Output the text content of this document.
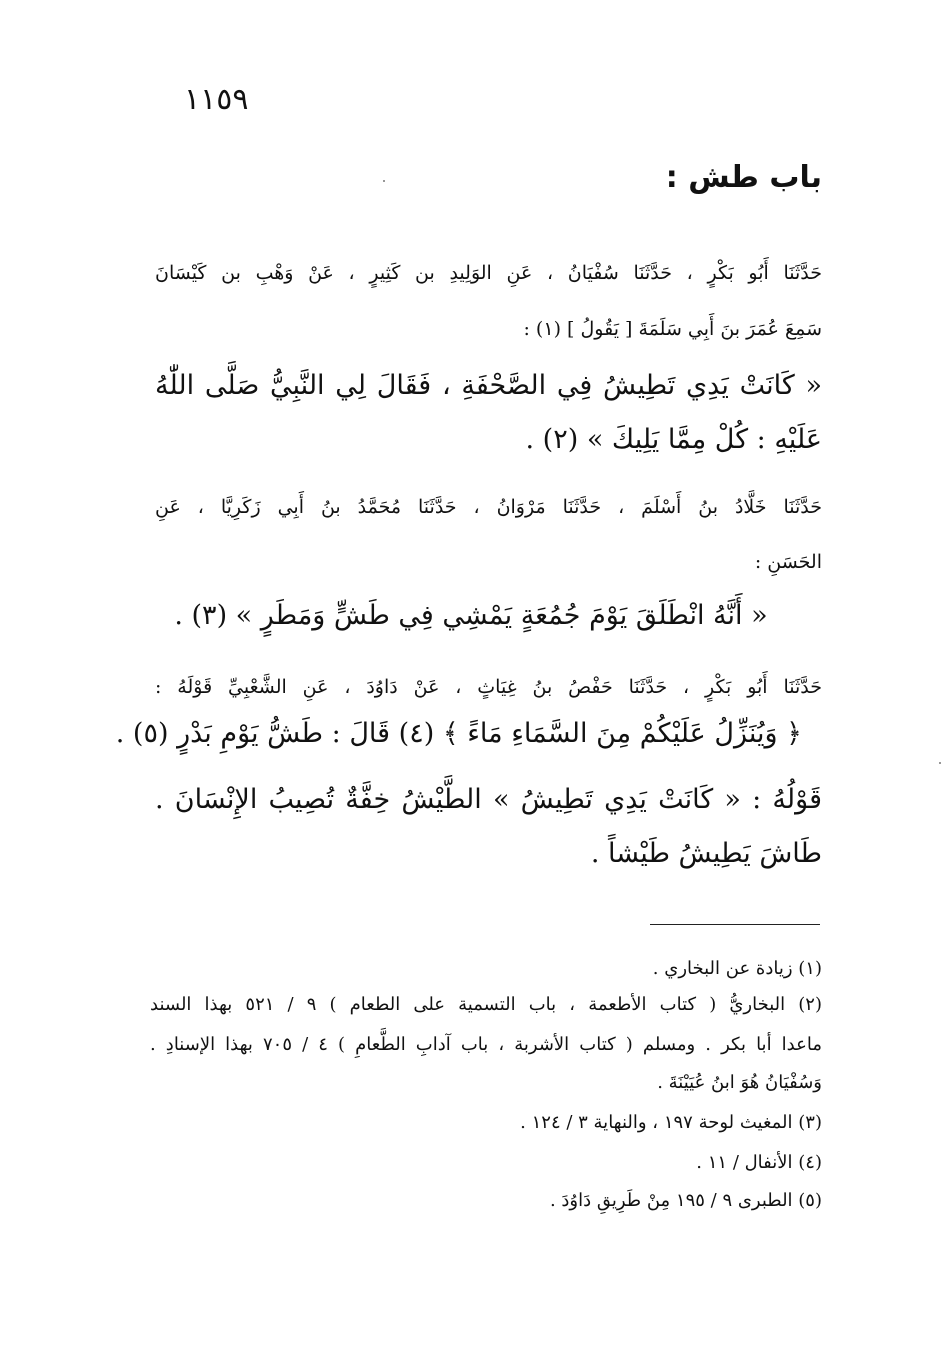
١١٥٩
باب طش :
حَدَّثَنَا أَبُو بَكْرٍ ، حَدَّثَنَا سُفْيَانُ ، عَنِ الوَلِيدِ بن كَثِيرٍ ، عَنْ وَهْبِ بن كَيْسَانَ
سَمِعَ عُمَرَ بنَ أَبِي سَلَمَةَ [ يَقُولُ ] (١) :
« كَانَتْ يَدِي تَطِيشُ فِي الصَّحْفَةِ ، فَقَالَ لِي النَّبِيُّ صَلَّى اللّٰهُ
عَلَيْهِ : كُلْ مِمَّا يَلِيكَ » (٢) .
حَدَّثَنَا خَلَّادُ بنُ أَسْلَمَ ، حَدَّثَنَا مَرْوَانُ ، حَدَّثَنَا مُحَمَّدُ بنُ أَبِي زَكَرِيَّا ، عَنِ
الحَسَنِ :
« أَنَّهُ انْطَلَقَ يَوْمَ جُمُعَةٍ يَمْشِي فِي طَشٍّ وَمَطَرٍ » (٣) .
حَدَّثَنَا أَبُو بَكْرٍ ، حَدَّثَنَا حَفْصُ بنُ غِيَاثٍ ، عَنْ دَاوُدَ ، عَنِ الشَّعْبِيِّ قَوْلَهُ :
﴿ وَيُنَزِّلُ عَلَيْكُمْ مِنَ السَّمَاءِ مَاءً ﴾ (٤) قَالَ : طَشُّ يَوْمِ بَدْرٍ (٥) .
قَوْلُهُ : « كَانَتْ يَدِي تَطِيشُ » الطَّيْشُ خِفَّةٌ تُصِيبُ الإِنْسَانَ .
طَاشَ يَطِيشُ طَيْشاً .
(١) زيادة عن البخاري .
(٢) البخاريُّ ( كتاب الأطعمة ، باب التسمية على الطعام ) ٩ / ٥٢١ بهذا السند
ماعدا أبا بكر . ومسلم ( كتاب الأشربة ، باب آدابِ الطَّعامِ ) ٤ / ٧٠٥ بهذا الإسنادِ .
وَسُفْيَانُ هُوَ ابنُ عُيَيْنَةَ .
(٣) المغيث لوحة ١٩٧ ، والنهاية ٣ / ١٢٤ .
(٤) الأنفال / ١١ .
(٥) الطبرى ٩ / ١٩٥ مِنْ طَرِيقِ دَاوُدَ .
